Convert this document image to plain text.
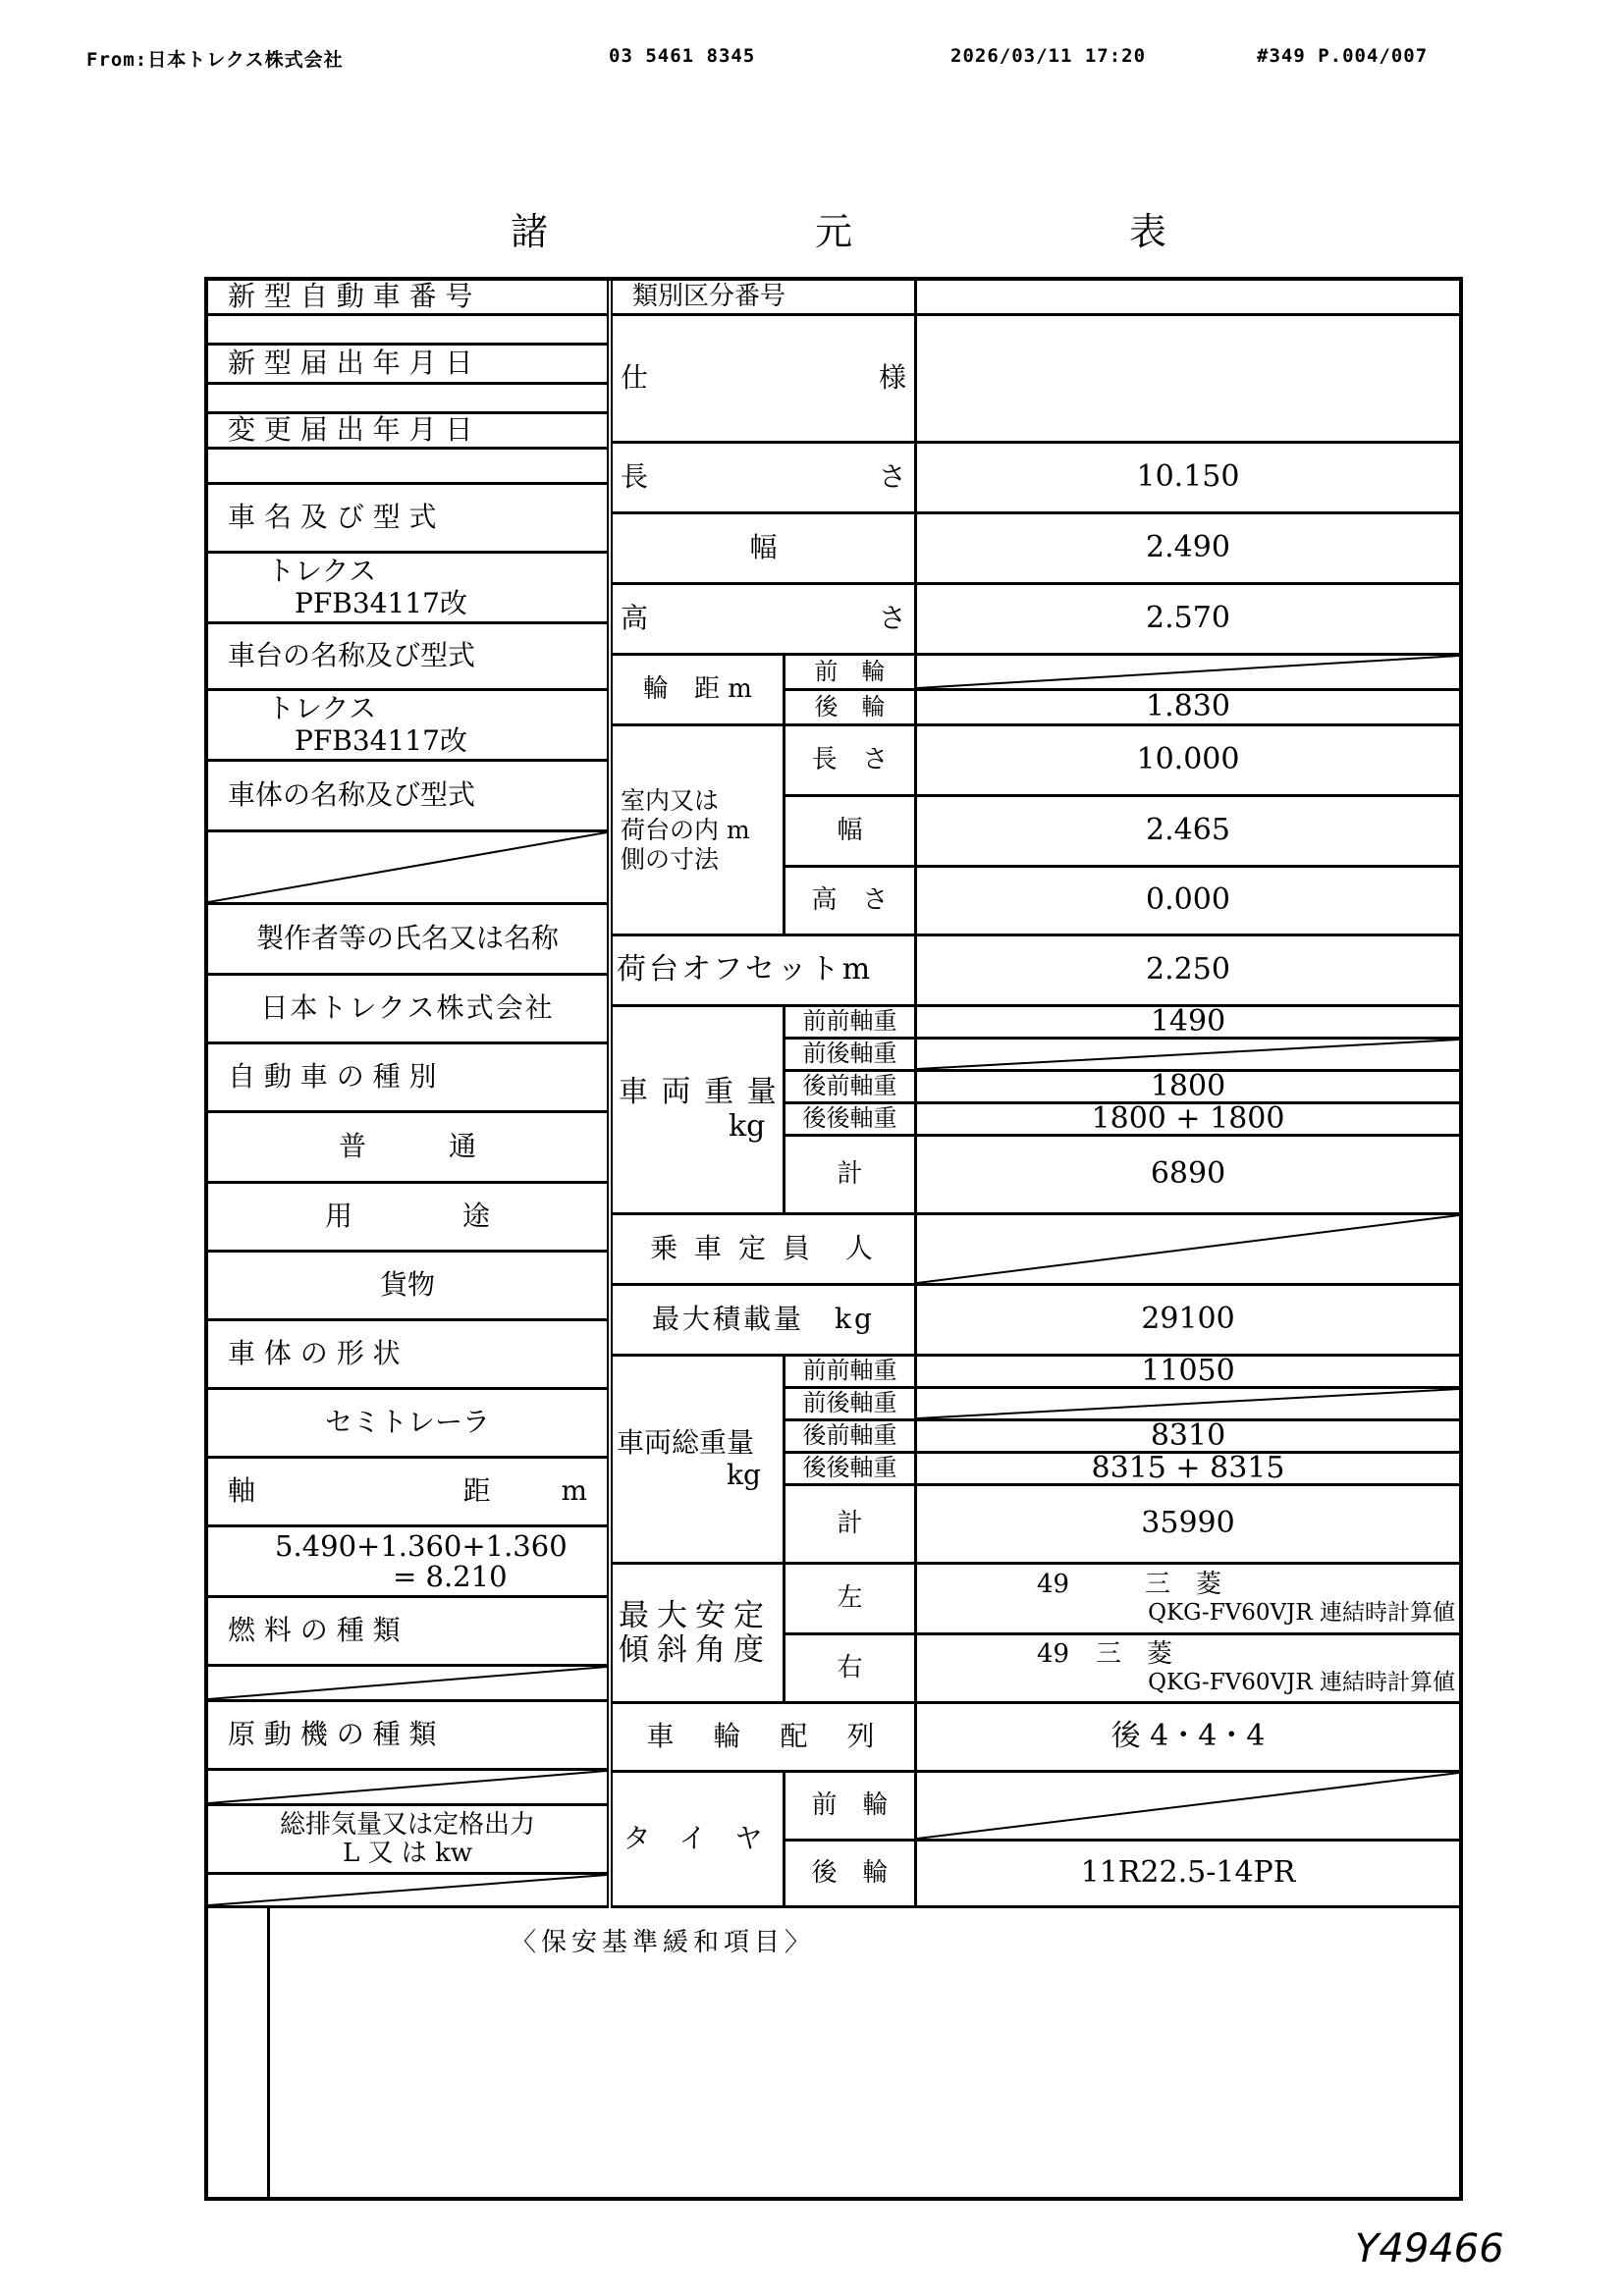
From:日本トレクス株式会社	03 5461 8345	2026/03/11 17:20	#349 P.004/007
諸	元	表
新 型 自 動 車 番 号
新 型 届 出 年 月 日
変 更 届 出 年 月 日
車 名 及 び 型 式
トレクス
PFB34117改
車台の名称及び型式
トレクス
PFB34117改
車体の名称及び型式
製作者等の氏名又は名称
日本トレクス株式会社
自 動 車 の 種 別
普　　　通
用　　　　途
貨物
車 体 の 形 状
セミトレーラ
軸	距	m
5.490+1.360+1.360
= 8.210
燃 料 の 種 類
原 動 機 の 種 類
総排気量又は定格出力
L 又 は kw
類別区分番号
仕	様
長	さ	10.150
幅	2.490
高	さ	2.570
輪　距 m
前　輪
後　輪	1.830
室内又は
荷台の内 m
側の寸法
長　さ	10.000
幅	2.465
高　さ	0.000
荷台オフセットm	2.250
車 両 重 量
kg
前前軸重	1490
前後軸重
後前軸重	1800
後後軸重	1800 + 1800
計	6890
乗 車 定 員　人
最大積載量　kg	29100
車両総重量
kg
前前軸重	11050
前後軸重
後前軸重	8310
後後軸重	8315 + 8315
計	35990
最大安定
傾斜角度
左	49	三　菱
QKG-FV60VJR 連結時計算値
右	49 三　菱
QKG-FV60VJR 連結時計算値
車　輪　配　列	後 4・4・4
タ イ ヤ
前　輪
後　輪	11R22.5-14PR
〈保安基準緩和項目〉
Y49466
